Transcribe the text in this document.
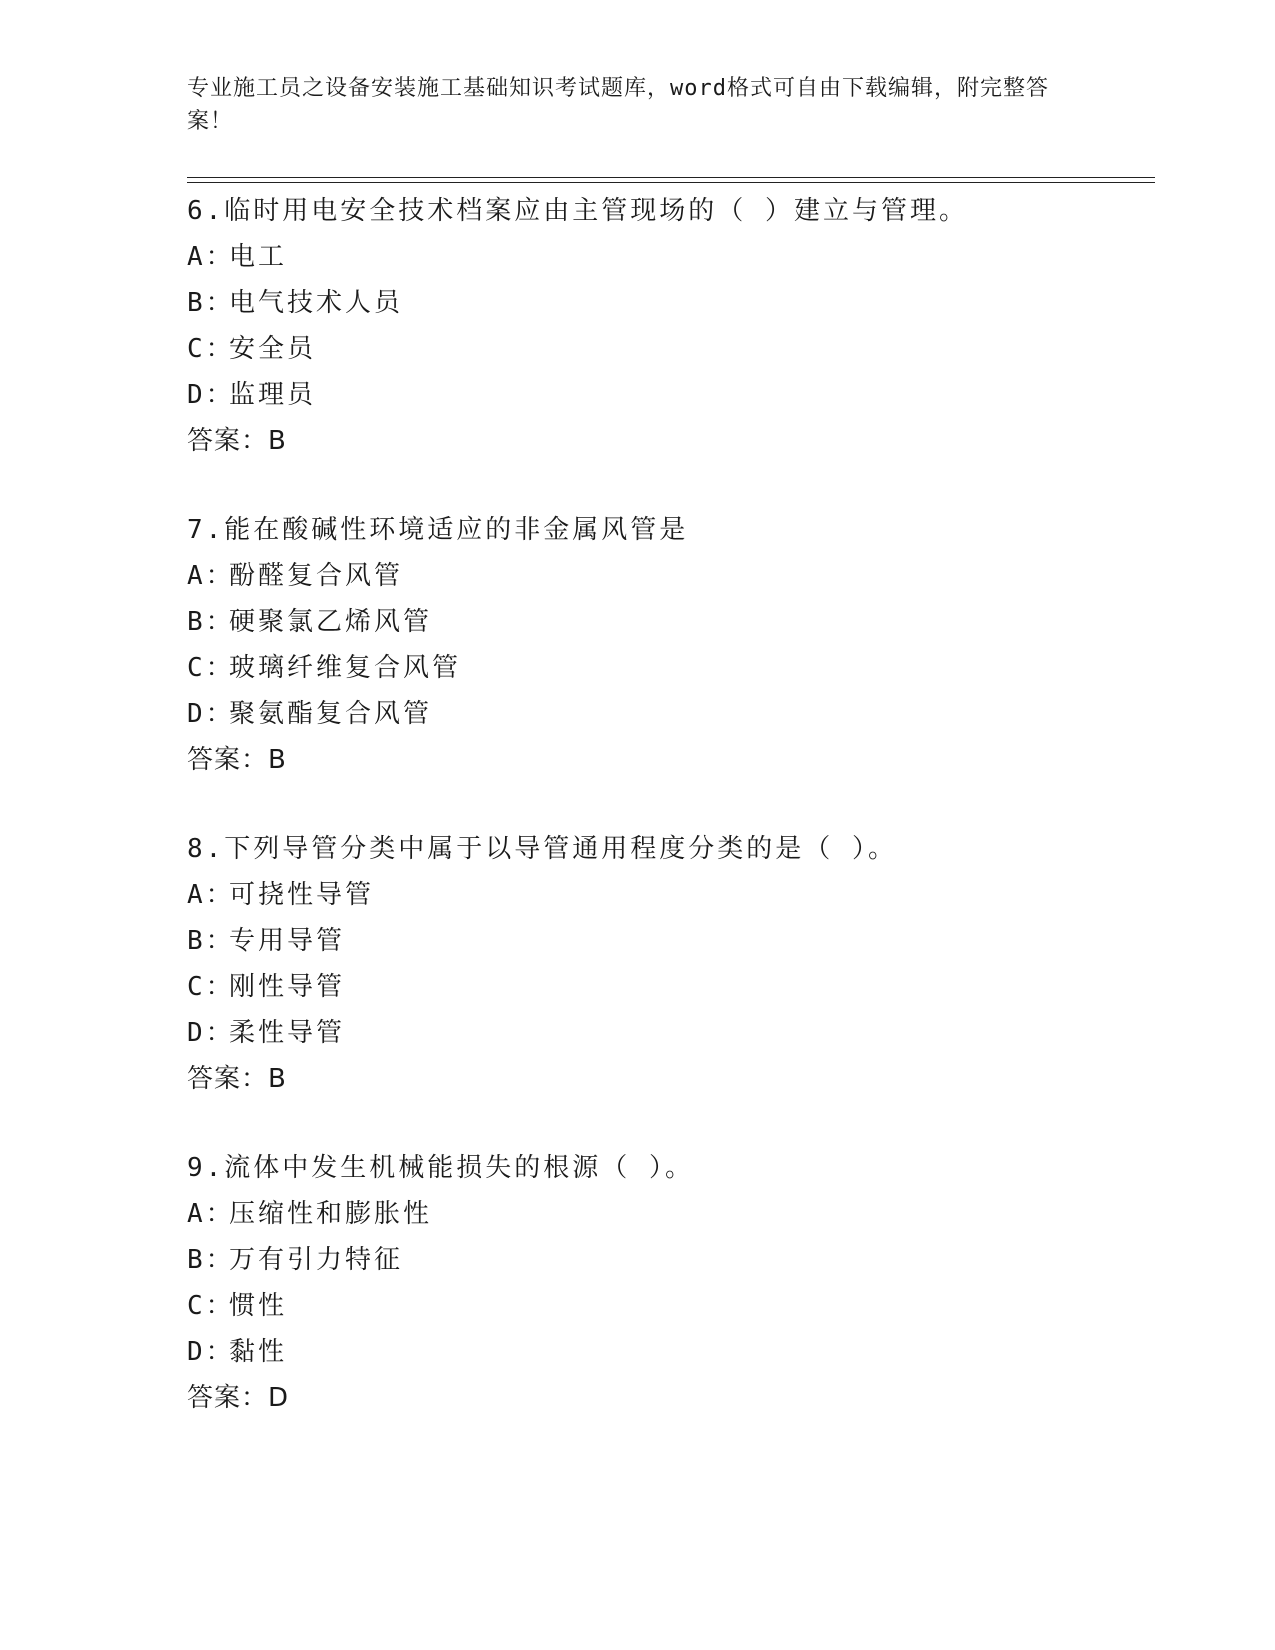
专业施工员之设备安装施工基础知识考试题库，word格式可自由下载编辑，附完整答案！
6.临时用电安全技术档案应由主管现场的（ ）建立与管理。
A：电工
B：电气技术人员
C：安全员
D：监理员
答案：B
7.能在酸碱性环境适应的非金属风管是
A：酚醛复合风管
B：硬聚氯乙烯风管
C：玻璃纤维复合风管
D：聚氨酯复合风管
答案：B
8.下列导管分类中属于以导管通用程度分类的是（ ）。
A：可挠性导管
B：专用导管
C：刚性导管
D：柔性导管
答案：B
9.流体中发生机械能损失的根源（ ）。
A：压缩性和膨胀性
B：万有引力特征
C：惯性
D：黏性
答案：D
